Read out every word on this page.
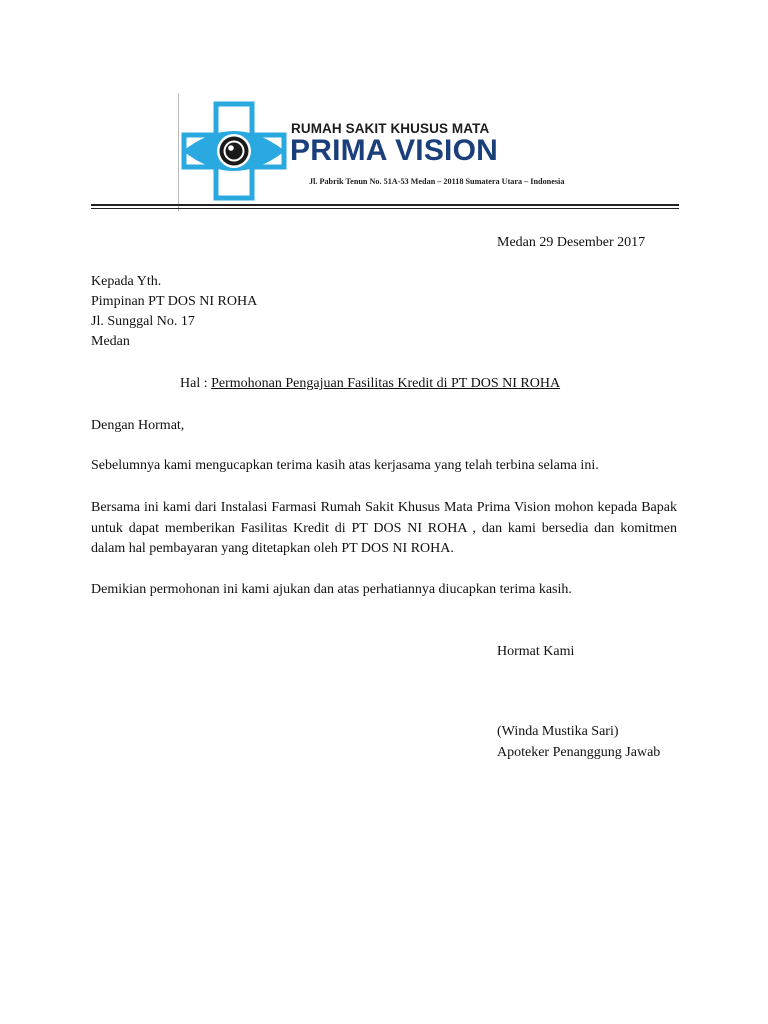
RUMAH SAKIT KHUSUS MATA
PRIMA VISION
Jl. Pabrik Tenun No. 51A-53 Medan – 20118 Sumatera Utara – Indonesia
Medan 29 Desember 2017
Kepada Yth.
Pimpinan PT DOS NI ROHA
Jl. Sunggal No. 17
Medan
Hal : Permohonan Pengajuan Fasilitas Kredit di PT DOS NI ROHA
Dengan Hormat,
Sebelumnya kami mengucapkan terima kasih atas kerjasama yang telah terbina selama ini.
Bersama ini kami dari Instalasi Farmasi Rumah Sakit Khusus Mata Prima Vision mohon kepada Bapak untuk dapat memberikan Fasilitas Kredit di PT DOS NI ROHA , dan kami bersedia dan komitmen dalam hal pembayaran yang ditetapkan oleh PT DOS NI ROHA.
Demikian permohonan ini kami ajukan dan atas perhatiannya diucapkan terima kasih.
Hormat Kami
(Winda Mustika Sari)
Apoteker Penanggung Jawab
